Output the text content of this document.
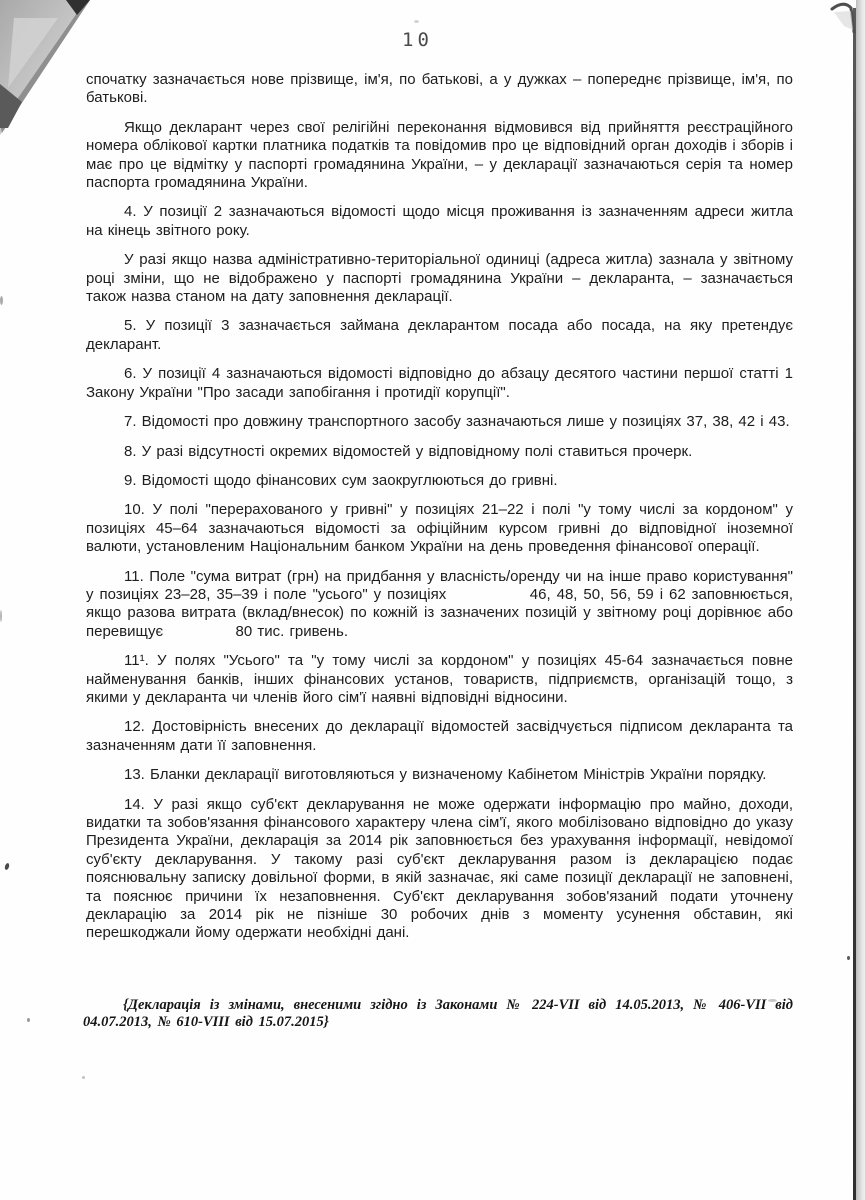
10

спочатку зазначається нове прізвище, ім'я, по батькові, а у дужках – попереднє прізвище, ім'я, по батькові.

Якщо декларант через свої релігійні переконання відмовився від прийняття реєстраційного номера облікової картки платника податків та повідомив про це відповідний орган доходів і зборів і має про це відмітку у паспорті громадянина України, – у декларації зазначаються серія та номер паспорта громадянина України.

4. У позиції 2 зазначаються відомості щодо місця проживання із зазначенням адреси житла на кінець звітного року.

У разі якщо назва адміністративно-територіальної одиниці (адреса житла) зазнала у звітному році зміни, що не відображено у паспорті громадянина України – декларанта, – зазначається також назва станом на дату заповнення декларації.

5. У позиції 3 зазначається займана декларантом посада або посада, на яку претендує декларант.

6. У позиції 4 зазначаються відомості відповідно до абзацу десятого частини першої статті 1 Закону України "Про засади запобігання і протидії корупції".

7. Відомості про довжину транспортного засобу зазначаються лише у позиціях 37, 38, 42 і 43.

8. У разі відсутності окремих відомостей у відповідному полі ставиться прочерк.

9. Відомості щодо фінансових сум заокруглюються до гривні.

10. У полі "перерахованого у гривні" у позиціях 21–22 і полі "у тому числі за кордоном" у позиціях 45–64 зазначаються відомості за офіційним курсом гривні до відповідної іноземної валюти, установленим Національним банком України на день проведення фінансової операції.

11. Поле "сума витрат (грн) на придбання у власність/оренду чи на інше право користування" у позиціях 23–28, 35–39 і поле "усього" у позиціях              46, 48, 50, 56, 59 і 62 заповнюється, якщо разова витрата (вклад/внесок) по кожній із зазначених позицій у звітному році дорівнює або перевищує              80 тис. гривень.

11¹. У полях "Усього" та "у тому числі за кордоном" у позиціях 45-64 зазначається повне найменування банків, інших фінансових установ, товариств, підприємств, організацій тощо, з якими у декларанта чи членів його сім'ї наявні відповідні відносини.

12. Достовірність внесених до декларації відомостей засвідчується підписом декларанта та зазначенням дати її заповнення.

13. Бланки декларації виготовляються у визначеному Кабінетом Міністрів України порядку.

14. У разі якщо суб'єкт декларування не може одержати інформацію про майно, доходи, видатки та зобов'язання фінансового характеру члена сім'ї, якого мобілізовано відповідно до указу Президента України, декларація за 2014 рік заповнюється без урахування інформації, невідомої суб'єкту декларування. У такому разі суб'єкт декларування разом із декларацією подає пояснювальну записку довільної форми, в якій зазначає, які саме позиції декларації не заповнені, та пояснює причини їх незаповнення. Суб'єкт декларування зобов'язаний подати уточнену декларацію за 2014 рік не пізніше 30 робочих днів з моменту усунення обставин, які перешкоджали йому одержати необхідні дані.

{Декларація із змінами, внесеними згідно із Законами № 224-VII від 14.05.2013, № 406-VII від 04.07.2013, № 610-VIII від 15.07.2015}
